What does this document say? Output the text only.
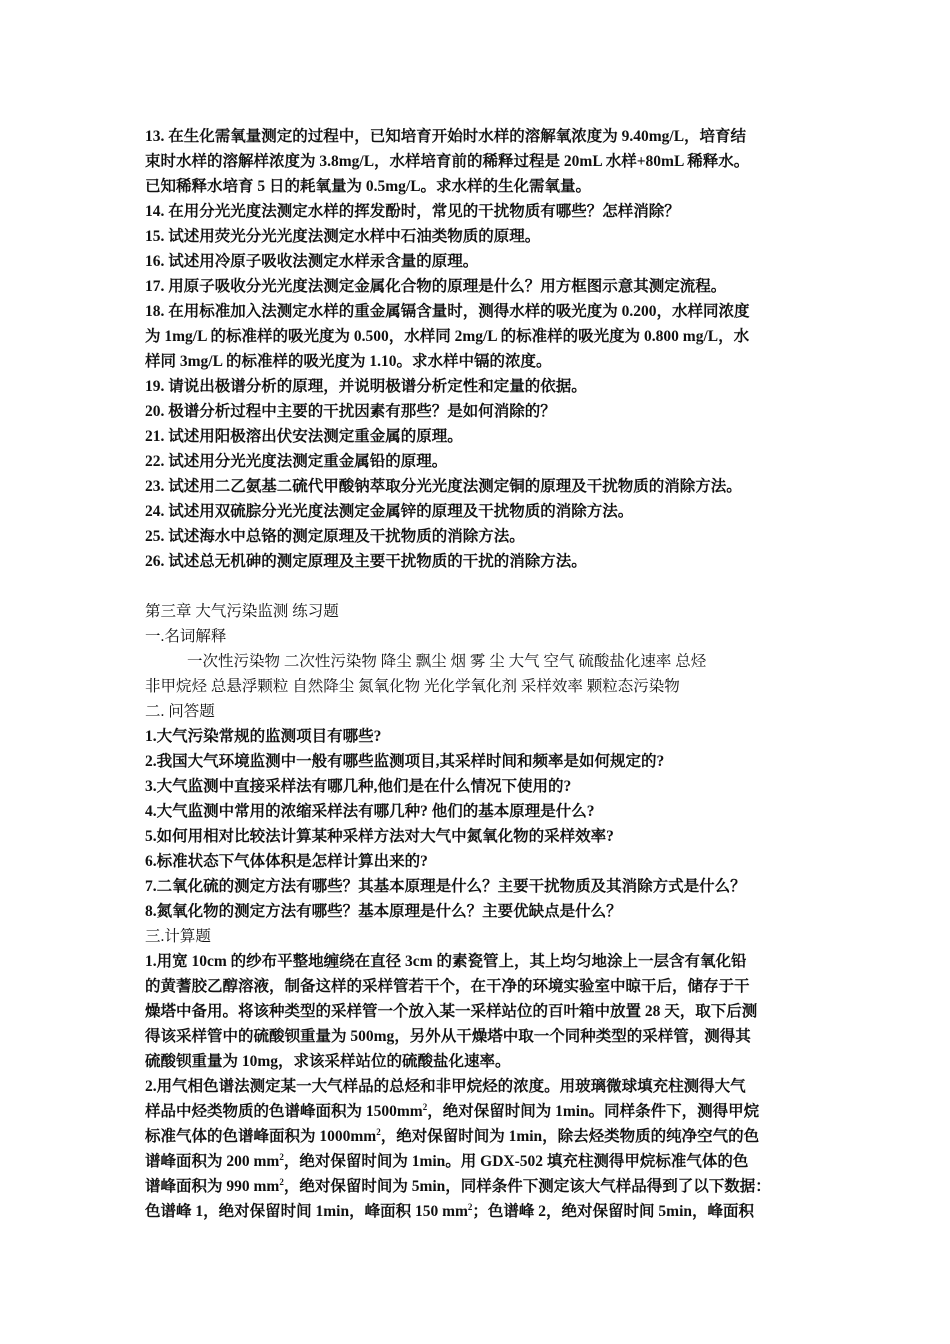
13. 在生化需氧量测定的过程中，已知培育开始时水样的溶解氧浓度为 9.40mg/L，培育结
束时水样的溶解样浓度为 3.8mg/L，水样培育前的稀释过程是 20mL 水样+80mL 稀释水。
已知稀释水培育 5 日的耗氧量为 0.5mg/L。求水样的生化需氧量。
14. 在用分光光度法测定水样的挥发酚时，常见的干扰物质有哪些？怎样消除？
15. 试述用荧光分光光度法测定水样中石油类物质的原理。
16. 试述用冷原子吸收法测定水样汞含量的原理。
17. 用原子吸收分光光度法测定金属化合物的原理是什么？用方框图示意其测定流程。
18. 在用标准加入法测定水样的重金属镉含量时，测得水样的吸光度为 0.200，水样同浓度
为 1mg/L 的标准样的吸光度为 0.500，水样同 2mg/L 的标准样的吸光度为 0.800 mg/L，水
样同 3mg/L 的标准样的吸光度为 1.10。求水样中镉的浓度。
19. 请说出极谱分析的原理，并说明极谱分析定性和定量的依据。
20. 极谱分析过程中主要的干扰因素有那些？是如何消除的？
21. 试述用阳极溶出伏安法测定重金属的原理。
22. 试述用分光光度法测定重金属铅的原理。
23. 试述用二乙氨基二硫代甲酸钠萃取分光光度法测定铜的原理及干扰物质的消除方法。
24. 试述用双硫腙分光光度法测定金属锌的原理及干扰物质的消除方法。
25. 试述海水中总铬的测定原理及干扰物质的消除方法。
26. 试述总无机砷的测定原理及主要干扰物质的干扰的消除方法。
第三章 大气污染监测 练习题
一.名词解释
一次性污染物 二次性污染物 降尘 飘尘 烟 雾 尘 大气 空气 硫酸盐化速率 总烃
非甲烷烃 总悬浮颗粒 自然降尘 氮氧化物 光化学氧化剂 采样效率 颗粒态污染物
二. 问答题
1.大气污染常规的监测项目有哪些?
2.我国大气环境监测中一般有哪些监测项目,其采样时间和频率是如何规定的?
3.大气监测中直接采样法有哪几种,他们是在什么情况下使用的?
4.大气监测中常用的浓缩采样法有哪几种? 他们的基本原理是什么?
5.如何用相对比较法计算某种采样方法对大气中氮氧化物的采样效率?
6.标准状态下气体体积是怎样计算出来的?
7.二氧化硫的测定方法有哪些？其基本原理是什么？主要干扰物质及其消除方式是什么？
8.氮氧化物的测定方法有哪些？基本原理是什么？主要优缺点是什么？
三.计算题
1.用宽 10cm 的纱布平整地缠绕在直径 3cm 的素瓷管上，其上均匀地涂上一层含有氧化铅
的黄蓍胶乙醇溶液，制备这样的采样管若干个，在干净的环境实验室中晾干后，储存于干
燥塔中备用。将该种类型的采样管一个放入某一采样站位的百叶箱中放置 28 天，取下后测
得该采样管中的硫酸钡重量为 500mg，另外从干燥塔中取一个同种类型的采样管，测得其
硫酸钡重量为 10mg，求该采样站位的硫酸盐化速率。
2.用气相色谱法测定某一大气样品的总烃和非甲烷烃的浓度。用玻璃微球填充柱测得大气
样品中烃类物质的色谱峰面积为 $1500mm^2$，绝对保留时间为 1min。同样条件下，测得甲烷
标准气体的色谱峰面积为 $1000mm^2$，绝对保留时间为 1min，除去烃类物质的纯净空气的色
谱峰面积为 200 $mm^2$，绝对保留时间为 1min。用 GDX-502 填充柱测得甲烷标准气体的色
谱峰面积为 990 $mm^2$，绝对保留时间为 5min，同样条件下测定该大气样品得到了以下数据：
色谱峰 1，绝对保留时间 1min，峰面积 150 $mm^2$；色谱峰 2，绝对保留时间 5min，峰面积
